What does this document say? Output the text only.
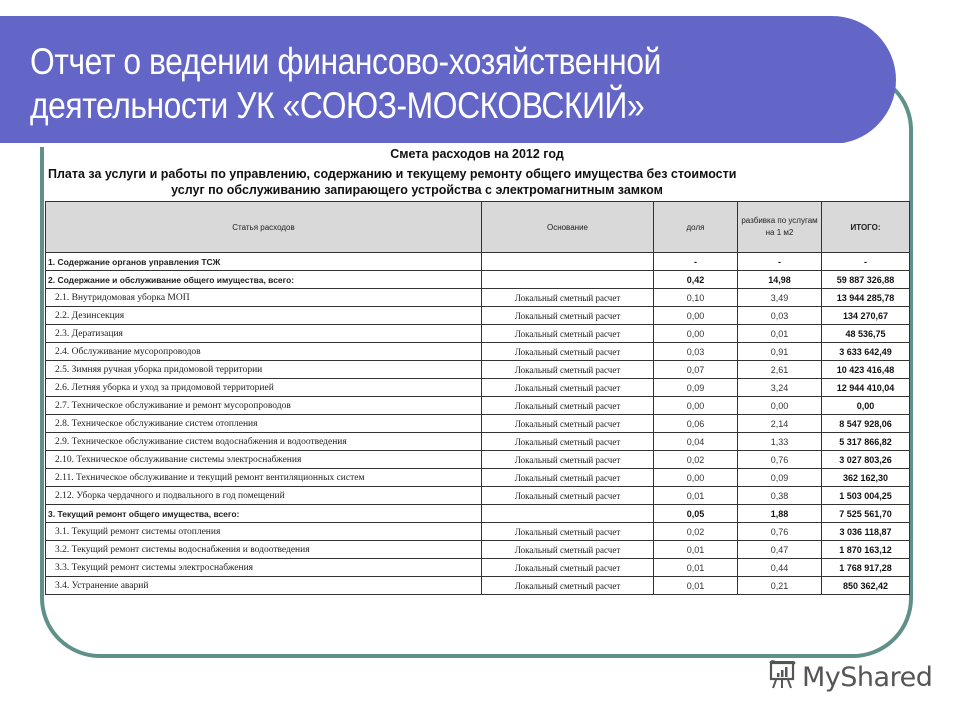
Отчет о ведении финансово-хозяйственной
деятельности УК «СОЮЗ-МОСКОВСКИЙ»

Смета расходов на 2012 год

Плата за услуги и работы по управлению, содержанию и текущему ремонту общего имущества без стоимости

услуг по обслуживанию запирающего устройства с электромагнитным замком

Статья расходов	Основание	доля	разбивка по услугам на 1 м2	ИТОГО:
1. Содержание органов управления ТСЖ		-	-	-
2. Содержание и обслуживание общего имущества, всего:		0,42	14,98	59 887 326,88
2.1. Внутридомовая уборка МОП	Локальный сметный расчет	0,10	3,49	13 944 285,78
2.2. Дезинсекция	Локальный сметный расчет	0,00	0,03	134 270,67
2.3. Дератизация	Локальный сметный расчет	0,00	0,01	48 536,75
2.4. Обслуживание мусоропроводов	Локальный сметный расчет	0,03	0,91	3 633 642,49
2.5. Зимняя ручная уборка придомовой территории	Локальный сметный расчет	0,07	2,61	10 423 416,48
2.6. Летняя уборка и уход за придомовой территорией	Локальный сметный расчет	0,09	3,24	12 944 410,04
2.7. Техническое обслуживание и ремонт мусоропроводов	Локальный сметный расчет	0,00	0,00	0,00
2.8. Техническое обслуживание систем отопления	Локальный сметный расчет	0,06	2,14	8 547 928,06
2.9. Техническое обслуживание систем водоснабжения и водоотведения	Локальный сметный расчет	0,04	1,33	5 317 866,82
2.10. Техническое обслуживание системы электроснабжения	Локальный сметный расчет	0,02	0,76	3 027 803,26
2.11. Техническое обслуживание и текущий ремонт вентиляционных систем	Локальный сметный расчет	0,00	0,09	362 162,30
2.12. Уборка чердачного и подвального в год помещений	Локальный сметный расчет	0,01	0,38	1 503 004,25
3. Текущий ремонт общего имущества, всего:		0,05	1,88	7 525 561,70
3.1. Текущий ремонт системы отопления	Локальный сметный расчет	0,02	0,76	3 036 118,87
3.2. Текущий ремонт системы водоснабжения и водоотведения	Локальный сметный расчет	0,01	0,47	1 870 163,12
3.3. Текущий ремонт системы электроснабжения	Локальный сметный расчет	0,01	0,44	1 768 917,28
3.4. Устранение аварий	Локальный сметный расчет	0,01	0,21	850 362,42
MyShared
